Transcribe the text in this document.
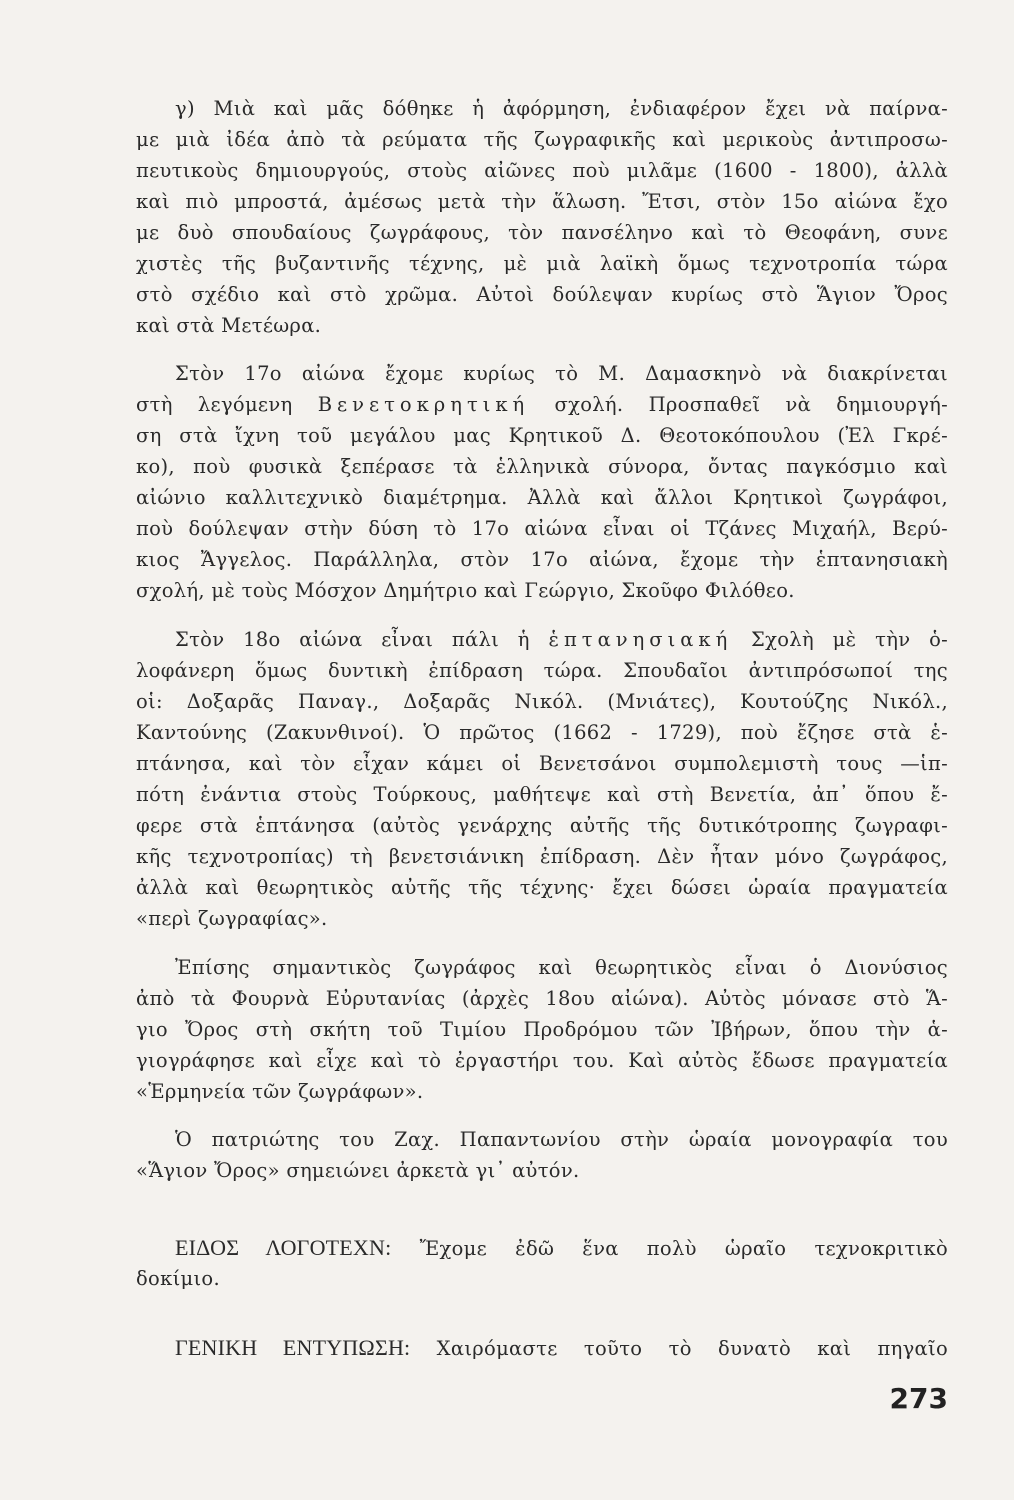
γ) Μιὰ καὶ μᾶς δόθηκε ἡ ἀφόρμηση, ἐνδιαφέρον ἔχει νὰ παίρνα-
με μιὰ ἰδέα ἀπὸ τὰ ρεύματα τῆς ζωγραφικῆς καὶ μερικοὺς ἀντιπροσω-
πευτικοὺς δημιουργούς, στοὺς αἰῶνες ποὺ μιλᾶμε (1600 - 1800), ἀλλὰ
καὶ πιὸ μπροστά, ἀμέσως μετὰ τὴν ἅλωση. Ἔτσι, στὸν 15ο αἰώνα ἔχο
με δυὸ σπουδαίους ζωγράφους, τὸν πανσέληνο καὶ τὸ Θεοφάνη, συνε
χιστὲς τῆς βυζαντινῆς τέχνης, μὲ μιὰ λαϊκὴ ὅμως τεχνοτροπία τώρα
στὸ σχέδιο καὶ στὸ χρῶμα. Αὐτοὶ δούλεψαν κυρίως στὸ Ἅγιον Ὄρος
καὶ στὰ Μετέωρα.
Στὸν 17ο αἰώνα ἔχομε κυρίως τὸ Μ. Δαμασκηνὸ νὰ διακρίνεται
στὴ λεγόμενη Βενετοκρητική σχολή. Προσπαθεῖ νὰ δημιουργή-
ση στὰ ἴχνη τοῦ μεγάλου μας Κρητικοῦ Δ. Θεοτοκόπουλου (Ἐλ Γκρέ-
κο), ποὺ φυσικὰ ξεπέρασε τὰ ἑλληνικὰ σύνορα, ὄντας παγκόσμιο καὶ
αἰώνιο καλλιτεχνικὸ διαμέτρημα. Ἀλλὰ καὶ ἄλλοι Κρητικοὶ ζωγράφοι,
ποὺ δούλεψαν στὴν δύση τὸ 17ο αἰώνα εἶναι οἱ Τζάνες Μιχαήλ, Βερύ-
κιος Ἄγγελος. Παράλληλα, στὸν 17ο αἰώνα, ἔχομε τὴν ἑπτανησιακὴ
σχολή, μὲ τοὺς Μόσχον Δημήτριο καὶ Γεώργιο, Σκοῦφο Φιλόθεο.
Στὸν 18ο αἰώνα εἶναι πάλι ἡ ἑπτανησιακή Σχολὴ μὲ τὴν ὁ-
λοφάνερη ὅμως δυντικὴ ἐπίδραση τώρα. Σπουδαῖοι ἀντιπρόσωποί της
οἱ: Δοξαρᾶς Παναγ., Δοξαρᾶς Νικόλ. (Μνιάτες), Κουτούζης Νικόλ.,
Καντούνης (Ζακυνθινοί). Ὁ πρῶτος (1662 - 1729), ποὺ ἔζησε στὰ ἑ-
πτάνησα, καὶ τὸν εἶχαν κάμει οἱ Βενετσάνοι συμπολεμιστὴ τους —ἱπ-
πότη ἐνάντια στοὺς Τούρκους, μαθήτεψε καὶ στὴ Βενετία, ἀπ᾿ ὅπου ἔ-
φερε στὰ ἑπτάνησα (αὐτὸς γενάρχης αὐτῆς τῆς δυτικότροπης ζωγραφι-
κῆς τεχνοτροπίας) τὴ βενετσιάνικη ἐπίδραση. Δὲν ἦταν μόνο ζωγράφος,
ἀλλὰ καὶ θεωρητικὸς αὐτῆς τῆς τέχνης· ἔχει δώσει ὡραία πραγματεία
«περὶ ζωγραφίας».
Ἐπίσης σημαντικὸς ζωγράφος καὶ θεωρητικὸς εἶναι ὁ Διονύσιος
ἀπὸ τὰ Φουρνὰ Εὐρυτανίας (ἀρχὲς 18ου αἰώνα). Αὐτὸς μόνασε στὸ Ἅ-
γιο Ὄρος στὴ σκήτη τοῦ Τιμίου Προδρόμου τῶν Ἰβήρων, ὅπου τὴν ἁ-
γιογράφησε καὶ εἶχε καὶ τὸ ἐργαστήρι του. Καὶ αὐτὸς ἔδωσε πραγματεία
«Ἑρμηνεία τῶν ζωγράφων».
Ὁ πατριώτης του Ζαχ. Παπαντωνίου στὴν ὡραία μονογραφία του
«Ἅγιον Ὄρος» σημειώνει ἀρκετὰ γι᾿ αὐτόν.
ΕΙΔΟΣ ΛΟΓΟΤΕΧΝ: Ἔχομε ἐδῶ ἕνα πολὺ ὡραῖο τεχνοκριτικὸ
δοκίμιο.
ΓΕΝΙΚΗ ΕΝΤΥΠΩΣΗ: Χαιρόμαστε τοῦτο τὸ δυνατὸ καὶ πηγαῖο
273
